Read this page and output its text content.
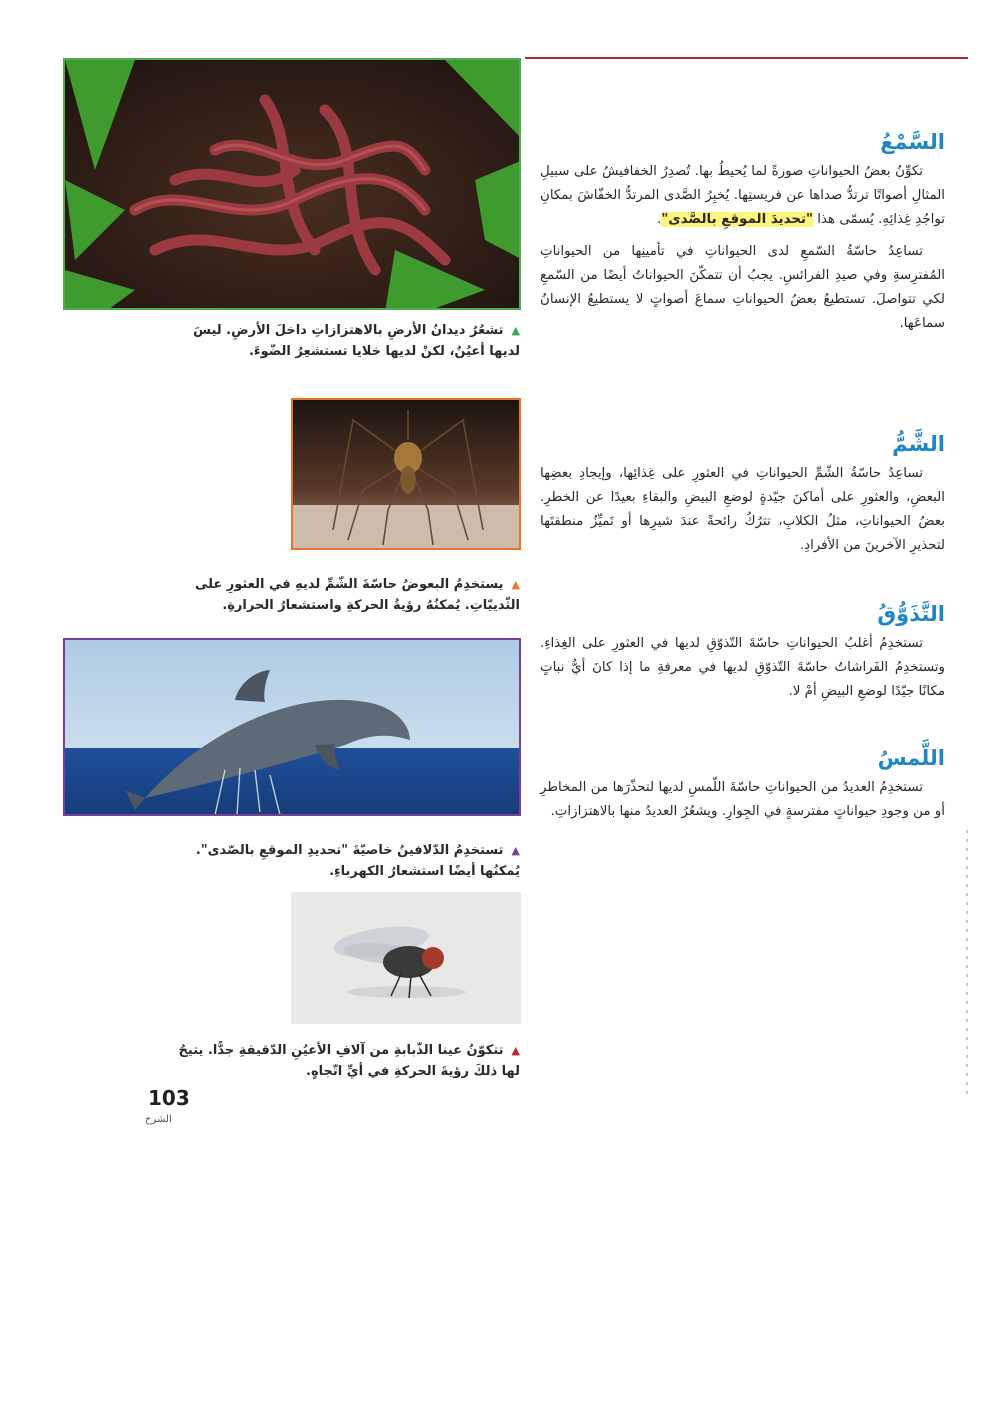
السَّمْعُ

تكوِّنُ بعضُ الحيواناتِ صورةً لما يُحيطُ بها. تُصدِرُ الخفافيشُ على سبيلِ المثالِ أصواتًا ترتدُّ صداها عن فريستِها. يُخبِرُ الصَّدى المرتدُّ الخفّاشَ بمكانِ تواجُدِ غِذائِهِ. يُسمّى هذا "تحديدَ الموقعِ بالصَّدى".

تساعِدُ حاسّةُ السّمعِ لدى الحيواناتِ في تأمينِها من الحيواناتِ المُفترِسةِ وفي صيدِ الفرائسِ. يجبُ أن تتمكّنَ الحيواناتُ أيضًا من السّمعِ لكي تتواصلَ. تستطيعُ بعضُ الحيواناتِ سماعَ أصواتٍ لا يستطيعُ الإنسانُ سماعَها.

الشَّمُّ

تساعِدُ حاسّةُ الشّمِّ الحيواناتِ في العثورِ على غِذائِها، وإيجادِ بعضِها البعضِ، والعثورِ على أماكنَ جيّدةٍ لوضعِ البيضِ والبقاءِ بعيدًا عن الخطرِ. بعضُ الحيواناتِ، مثلُ الكلابِ، تترُكُ رائحةً عندَ شيرِها أو تَميِّزُ منطقتَها لتحذيرِ الآخرينَ من الأفرادِ.

التَّذَوُّقُ

تستخدِمُ أغلبُ الحيواناتِ حاسّةَ التّذوّقِ لديها في العثورِ على الغِذاءِ. وتستخدِمُ الفَراشاتُ حاسّةَ التّذوّقِ لديها في معرفةِ ما إذا كانَ أيُّ نباتٍ مكانًا جيّدًا لوضعِ البيضِ أمْ لا.

اللَّمسُ

تستخدِمُ العديدُ من الحيواناتِ حاسّةَ اللّمسِ لديها لتحذّرَها من المخاطرِ أو من وجودِ حيواناتٍ مفترسةٍ في الجِوارِ. ويشعُرُ العديدُ منها بالاهتزازاتِ.

▲تشعُرُ ديدانُ الأرضِ بالاهتزازاتِ داخلَ الأرضِ. ليسَ لديها أعيُنٌ، لكنْ لديها خلايا تستشعِرُ الضّوءَ.
▲يستخدِمُ البعوضُ حاسّةَ الشّمِّ لديهِ في العثورِ على الثّدييّاتِ. يُمكنُهُ رؤيةُ الحركةِ واستشعارُ الحرارةِ.
▲تستخدِمُ الدّلافينُ خاصيّةَ "تحديدِ الموقعِ بالصّدى". يُمكنُها أيضًا استشعارُ الكهرباءِ.
▲تتكوّنُ عينا الذّبابةِ من آلافِ الأعيُنِ الدّقيقةِ جدًّا. يتيحُ لها ذلكَ رؤيةَ الحركةِ في أيِّ اتّجاهٍ.
103
الشرح
